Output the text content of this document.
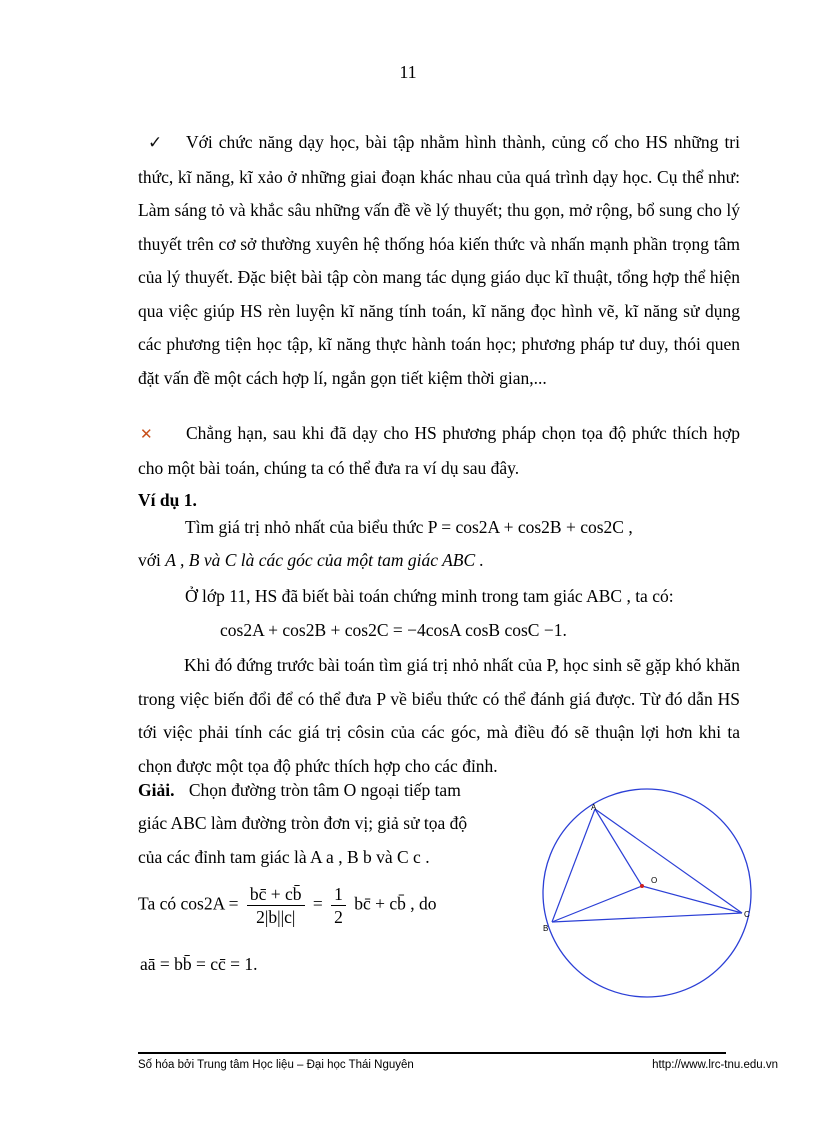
11
✓ Với chức năng dạy học, bài tập nhằm hình thành, củng cố cho HS những tri thức, kĩ năng, kĩ xảo ở những giai đoạn khác nhau của quá trình dạy học. Cụ thể như: Làm sáng tỏ và khắc sâu những vấn đề về lý thuyết; thu gọn, mở rộng, bổ sung cho lý thuyết trên cơ sở thường xuyên hệ thống hóa kiến thức và nhấn mạnh phần trọng tâm của lý thuyết. Đặc biệt bài tập còn mang tác dụng giáo dục kĩ thuật, tổng hợp thể hiện qua việc giúp HS rèn luyện kĩ năng tính toán, kĩ năng đọc hình vẽ, kĩ năng sử dụng các phương tiện học tập, kĩ năng thực hành toán học; phương pháp tư duy, thói quen đặt vấn đề một cách hợp lí, ngắn gọn tiết kiệm thời gian,...
✕ Chẳng hạn, sau khi đã dạy cho HS phương pháp chọn tọa độ phức thích hợp cho một bài toán, chúng ta có thể đưa ra ví dụ sau đây.
Ví dụ 1.
Tìm giá trị nhỏ nhất của biểu thức P = cos2A + cos2B + cos2C ,
với A , B và C là các góc của một tam giác ABC .
Ở lớp 11, HS đã biết bài toán chứng minh trong tam giác ABC , ta có:
cos2A + cos2B + cos2C = −4cosA cosB cosC −1.
Khi đó đứng trước bài toán tìm giá trị nhỏ nhất của P, học sinh sẽ gặp khó khăn trong việc biến đổi để có thể đưa P về biểu thức có thể đánh giá được. Từ đó dẫn HS tới việc phải tính các giá trị côsin của các góc, mà điều đó sẽ thuận lợi hơn khi ta chọn được một tọa độ phức thích hợp cho các đỉnh.
Giải. Chọn đường tròn tâm O ngoại tiếp tam
giác ABC làm đường tròn đơn vị; giả sử tọa độ
của các đỉnh tam giác là A a , B b và C c .
Ta có $\cos 2A = \frac{bc̄ + cb̄}{2|b||c|} = \frac{1}{2}$ bc̄ + cb̄ , do
aā = bb̄ = cc̄ = 1.
A
B
C
O
Số hóa bởi Trung tâm Học liệu – Đại học Thái Nguyên	http://www.lrc-tnu.edu.vn
